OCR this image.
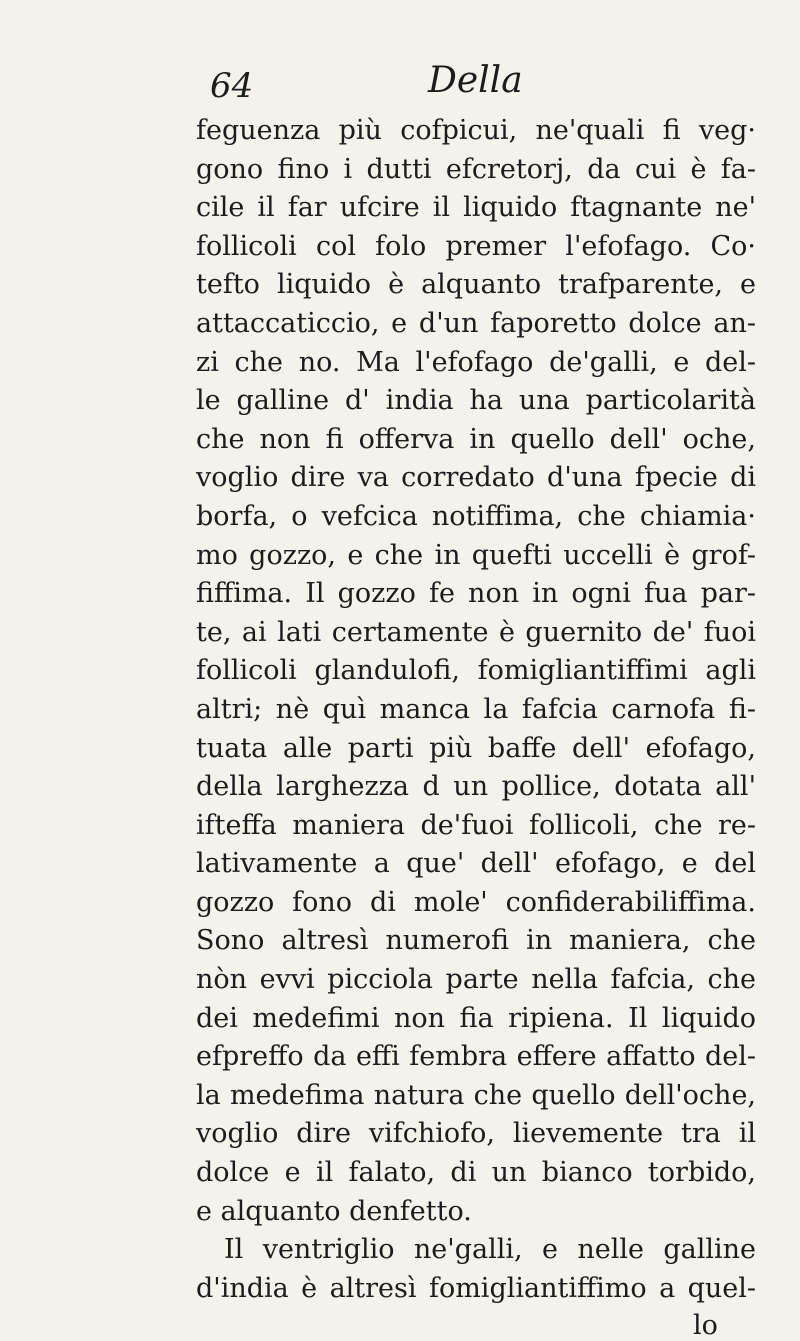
64	Della
feguenza più cofpicui, ne'quali fi veg·
gono fino i dutti efcretorj, da cui è fa-
cile il far ufcire il liquido ftagnante ne'
follicoli col folo premer l'efofago. Co·
tefto liquido è alquanto trafparente, e
attaccaticcio, e d'un faporetto dolce an-
zi che no. Ma l'efofago de'galli, e del-
le galline d' india ha una particolarità
che non fi offerva in quello dell' oche,
voglio dire va corredato d'una fpecie di
borfa, o vefcica notiffima, che chiamia·
mo gozzo, e che in quefti uccelli è grof-
fiffima. Il gozzo fe non in ogni fua par-
te, ai lati certamente è guernito de' fuoi
follicoli glandulofi, fomigliantiffimi agli
altri; nè quì manca la fafcia carnofa fi-
tuata alle parti più baffe dell' efofago,
della larghezza d un pollice, dotata all'
ifteffa maniera de'fuoi follicoli, che re-
lativamente a que' dell' efofago, e del
gozzo fono di mole' confiderabiliffima.
Sono altresì numerofi in maniera, che
nòn evvi picciola parte nella fafcia, che
dei medefimi non fia ripiena. Il liquido
efpreffo da effi fembra effere affatto del-
la medefima natura che quello dell'oche,
voglio dire vifchiofo, lievemente tra il
dolce e il falato, di un bianco torbido,
e alquanto denfetto.
Il ventriglio ne'galli, e nelle galline
d'india è altresì fomigliantiffimo a quel-
lo
